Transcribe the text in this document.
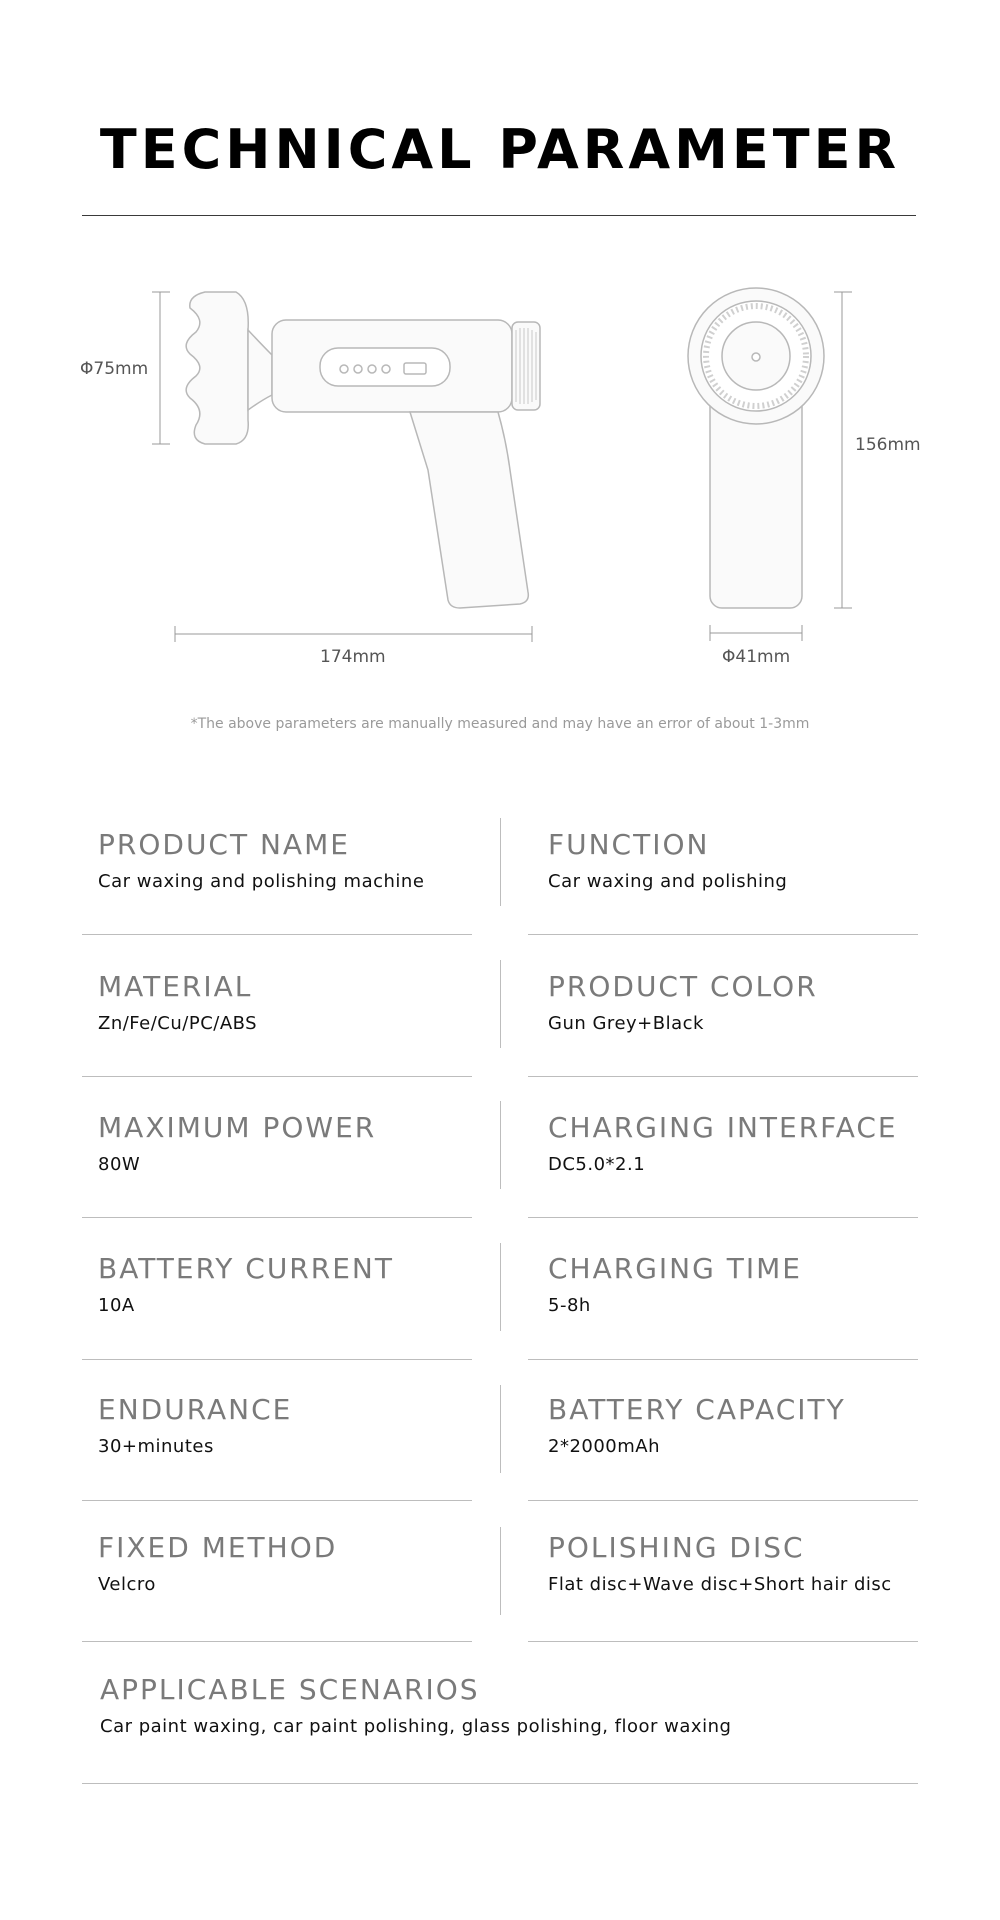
TECHNICAL PARAMETER
Φ75mm
174mm
156mm
Φ41mm
*The above parameters are manually measured and may have an error of about 1-3mm
PRODUCT NAME
Car waxing and polishing machine
FUNCTION
Car waxing and polishing
MATERIAL
Zn/Fe/Cu/PC/ABS
PRODUCT COLOR
Gun Grey+Black
MAXIMUM POWER
80W
CHARGING INTERFACE
DC5.0*2.1
BATTERY CURRENT
10A
CHARGING TIME
5-8h
ENDURANCE
30+minutes
BATTERY CAPACITY
2*2000mAh
FIXED METHOD
Velcro
POLISHING DISC
Flat disc+Wave disc+Short hair disc
APPLICABLE SCENARIOS
Car paint waxing, car paint polishing, glass polishing, floor waxing
